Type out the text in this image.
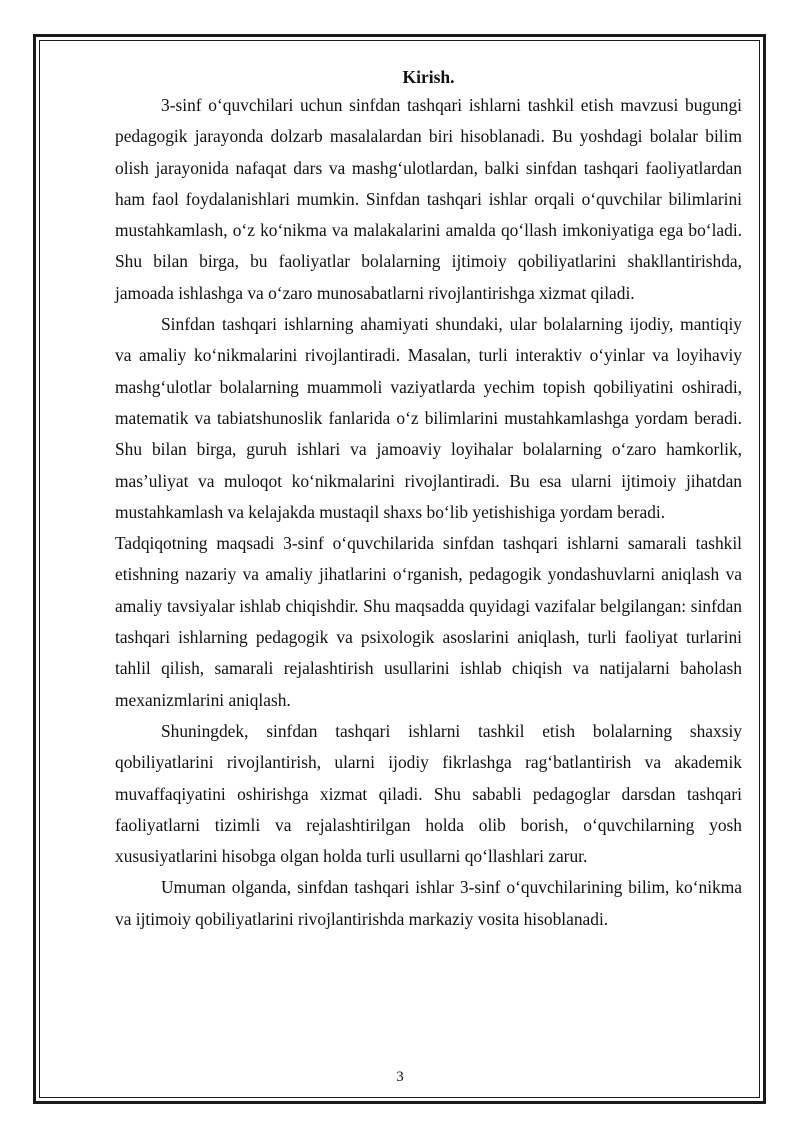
Kirish.

3-sinf o‘quvchilari uchun sinfdan tashqari ishlarni tashkil etish mavzusi bugungi pedagogik jarayonda dolzarb masalalardan biri hisoblanadi. Bu yoshdagi bolalar bilim olish jarayonida nafaqat dars va mashg‘ulotlardan, balki sinfdan tashqari faoliyatlardan ham faol foydalanishlari mumkin. Sinfdan tashqari ishlar orqali o‘quvchilar bilimlarini mustahkamlash, o‘z ko‘nikma va malakalarini amalda qo‘llash imkoniyatiga ega bo‘ladi. Shu bilan birga, bu faoliyatlar bolalarning ijtimoiy qobiliyatlarini shakllantirishda, jamoada ishlashga va o‘zaro munosabatlarni rivojlantirishga xizmat qiladi.

Sinfdan tashqari ishlarning ahamiyati shundaki, ular bolalarning ijodiy, mantiqiy va amaliy ko‘nikmalarini rivojlantiradi. Masalan, turli interaktiv o‘yinlar va loyihaviy mashg‘ulotlar bolalarning muammoli vaziyatlarda yechim topish qobiliyatini oshiradi, matematik va tabiatshunoslik fanlarida o‘z bilimlarini mustahkamlashga yordam beradi. Shu bilan birga, guruh ishlari va jamoaviy loyihalar bolalarning o‘zaro hamkorlik, mas’uliyat va muloqot ko‘nikmalarini rivojlantiradi. Bu esa ularni ijtimoiy jihatdan mustahkamlash va kelajakda mustaqil shaxs bo‘lib yetishishiga yordam beradi.

Tadqiqotning maqsadi 3-sinf o‘quvchilarida sinfdan tashqari ishlarni samarali tashkil etishning nazariy va amaliy jihatlarini o‘rganish, pedagogik yondashuvlarni aniqlash va amaliy tavsiyalar ishlab chiqishdir. Shu maqsadda quyidagi vazifalar belgilangan: sinfdan tashqari ishlarning pedagogik va psixologik asoslarini aniqlash, turli faoliyat turlarini tahlil qilish, samarali rejalashtirish usullarini ishlab chiqish va natijalarni baholash mexanizmlarini aniqlash.

Shuningdek, sinfdan tashqari ishlarni tashkil etish bolalarning shaxsiy qobiliyatlarini rivojlantirish, ularni ijodiy fikrlashga rag‘batlantirish va akademik muvaffaqiyatini oshirishga xizmat qiladi. Shu sababli pedagoglar darsdan tashqari faoliyatlarni tizimli va rejalashtirilgan holda olib borish, o‘quvchilarning yosh xususiyatlarini hisobga olgan holda turli usullarni qo‘llashlari zarur.

Umuman olganda, sinfdan tashqari ishlar 3-sinf o‘quvchilarining bilim, ko‘nikma va ijtimoiy qobiliyatlarini rivojlantirishda markaziy vosita hisoblanadi.

3
